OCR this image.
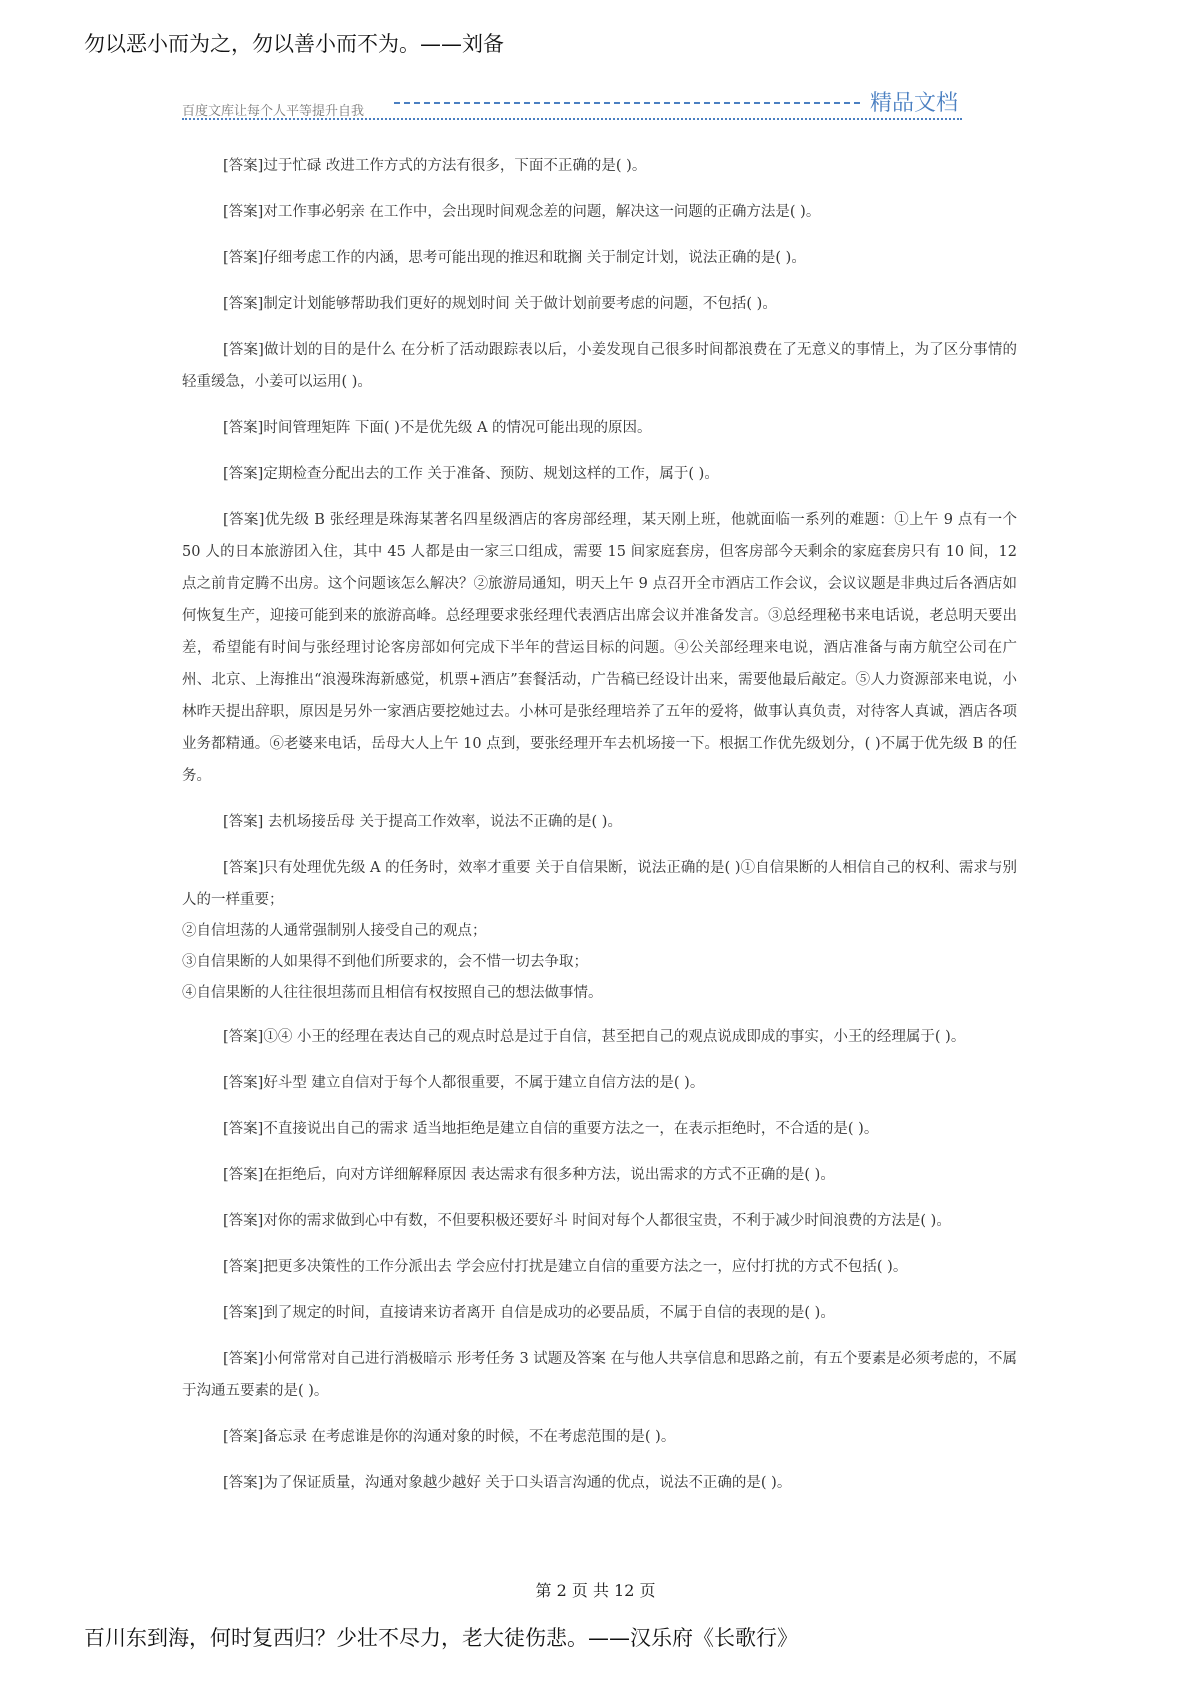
勿以恶小而为之，勿以善小而不为。——刘备
百度文库让每个人平等提升自我	精品文档

[答案]过于忙碌 改进工作方式的方法有很多，下面不正确的是( )。

[答案]对工作事必躬亲 在工作中，会出现时间观念差的问题，解决这一问题的正确方法是( )。

[答案]仔细考虑工作的内涵，思考可能出现的推迟和耽搁 关于制定计划，说法正确的是( )。

[答案]制定计划能够帮助我们更好的规划时间 关于做计划前要考虑的问题，不包括( )。

[答案]做计划的目的是什么 在分析了活动跟踪表以后，小姜发现自己很多时间都浪费在了无意义的事情上，为了区分事情的轻重缓急，小姜可以运用( )。

[答案]时间管理矩阵 下面( )不是优先级 A 的情况可能出现的原因。

[答案]定期检查分配出去的工作 关于准备、预防、规划这样的工作，属于( )。

[答案]优先级 B 张经理是珠海某著名四星级酒店的客房部经理，某天刚上班，他就面临一系列的难题：①上午 9 点有一个 50 人的日本旅游团入住，其中 45 人都是由一家三口组成，需要 15 间家庭套房，但客房部今天剩余的家庭套房只有 10 间，12 点之前肯定腾不出房。这个问题该怎么解决？②旅游局通知，明天上午 9 点召开全市酒店工作会议，会议议题是非典过后各酒店如何恢复生产，迎接可能到来的旅游高峰。总经理要求张经理代表酒店出席会议并准备发言。③总经理秘书来电话说，老总明天要出差，希望能有时间与张经理讨论客房部如何完成下半年的营运目标的问题。④公关部经理来电说，酒店准备与南方航空公司在广州、北京、上海推出“浪漫珠海新感觉，机票+酒店”套餐活动，广告稿已经设计出来，需要他最后敲定。⑤人力资源部来电说，小林昨天提出辞职，原因是另外一家酒店要挖她过去。小林可是张经理培养了五年的爱将，做事认真负责，对待客人真诚，酒店各项业务都精通。⑥老婆来电话，岳母大人上午 10 点到，要张经理开车去机场接一下。根据工作优先级划分，( )不属于优先级 B 的任务。

[答案] 去机场接岳母 关于提高工作效率，说法不正确的是( )。

[答案]只有处理优先级 A 的任务时，效率才重要 关于自信果断，说法正确的是( )①自信果断的人相信自己的权利、需求与别人的一样重要；

②自信坦荡的人通常强制别人接受自己的观点；

③自信果断的人如果得不到他们所要求的，会不惜一切去争取；

④自信果断的人往往很坦荡而且相信有权按照自己的想法做事情。

[答案]①④ 小王的经理在表达自己的观点时总是过于自信，甚至把自己的观点说成即成的事实，小王的经理属于( )。

[答案]好斗型 建立自信对于每个人都很重要，不属于建立自信方法的是( )。

[答案]不直接说出自己的需求 适当地拒绝是建立自信的重要方法之一，在表示拒绝时，不合适的是( )。

[答案]在拒绝后，向对方详细解释原因 表达需求有很多种方法，说出需求的方式不正确的是( )。

[答案]对你的需求做到心中有数，不但要积极还要好斗 时间对每个人都很宝贵，不利于减少时间浪费的方法是( )。

[答案]把更多决策性的工作分派出去 学会应付打扰是建立自信的重要方法之一，应付打扰的方式不包括( )。

[答案]到了规定的时间，直接请来访者离开 自信是成功的必要品质，不属于自信的表现的是( )。

[答案]小何常常对自己进行消极暗示 形考任务 3 试题及答案 在与他人共享信息和思路之前，有五个要素是必须考虑的，不属于沟通五要素的是( )。

[答案]备忘录 在考虑谁是你的沟通对象的时候，不在考虑范围的是( )。

[答案]为了保证质量，沟通对象越少越好 关于口头语言沟通的优点，说法不正确的是( )。

第 2 页 共 12 页
百川东到海，何时复西归？少壮不尽力，老大徒伤悲。——汉乐府《长歌行》
